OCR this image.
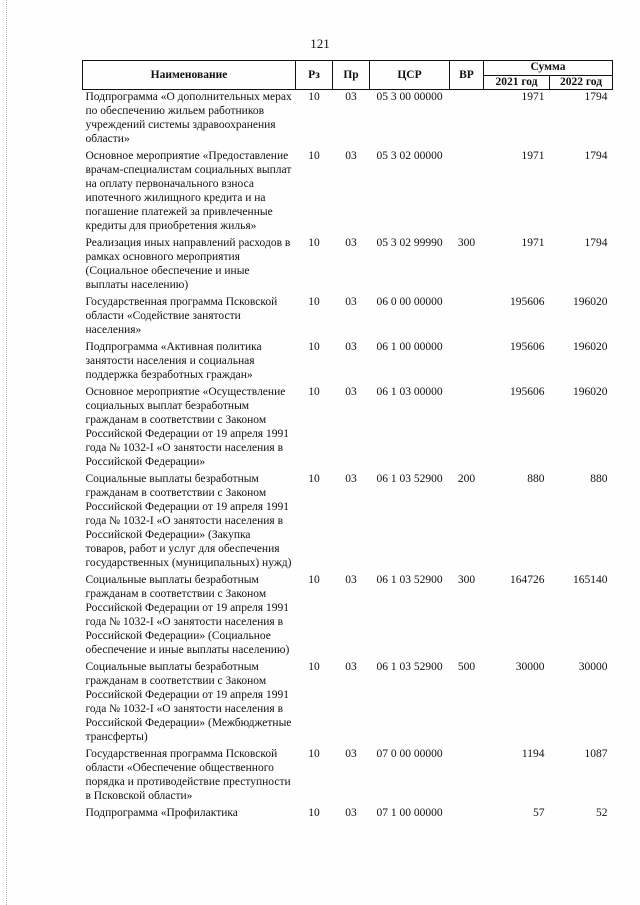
121
Наименование	Рз	Пр	ЦСР	ВР	Сумма	
					2021 год	2022 год
Подпрограмма «О дополнительных мерах по обеспечению жильем работников учреждений системы здравоохранения области»	10	03	05 3 00 00000		1971	1794
Основное мероприятие «Предоставление врачам-специалистам социальных выплат на оплату первоначального взноса ипотечного жилищного кредита и на погашение платежей за привлеченные кредиты для приобретения жилья»	10	03	05 3 02 00000		1971	1794
Реализация иных направлений расходов в рамках основного мероприятия (Социальное обеспечение и иные выплаты населению)	10	03	05 3 02 99990	300	1971	1794
Государственная программа Псковской области «Содействие занятости населения»	10	03	06 0 00 00000		195606	196020
Подпрограмма «Активная политика занятости населения и социальная поддержка безработных граждан»	10	03	06 1 00 00000		195606	196020
Основное мероприятие «Осуществление социальных выплат безработным гражданам в соответствии с Законом Российской Федерации от 19 апреля 1991 года № 1032-I «О занятости населения в Российской Федерации»	10	03	06 1 03 00000		195606	196020
Социальные выплаты безработным гражданам в соответствии с Законом Российской Федерации от 19 апреля 1991 года № 1032-I «О занятости населения в Российской Федерации» (Закупка товаров, работ и услуг для обеспечения государственных (муниципальных) нужд)	10	03	06 1 03 52900	200	880	880
Социальные выплаты безработным гражданам в соответствии с Законом Российской Федерации от 19 апреля 1991 года № 1032-I «О занятости населения в Российской Федерации» (Социальное обеспечение и иные выплаты населению)	10	03	06 1 03 52900	300	164726	165140
Социальные выплаты безработным гражданам в соответствии с Законом Российской Федерации от 19 апреля 1991 года № 1032-I «О занятости населения в Российской Федерации» (Межбюджетные трансферты)	10	03	06 1 03 52900	500	30000	30000
Государственная программа Псковской области «Обеспечение общественного порядка и противодействие преступности в Псковской области»	10	03	07 0 00 00000		1194	1087
Подпрограмма «Профилактика	10	03	07 1 00 00000		57	52
